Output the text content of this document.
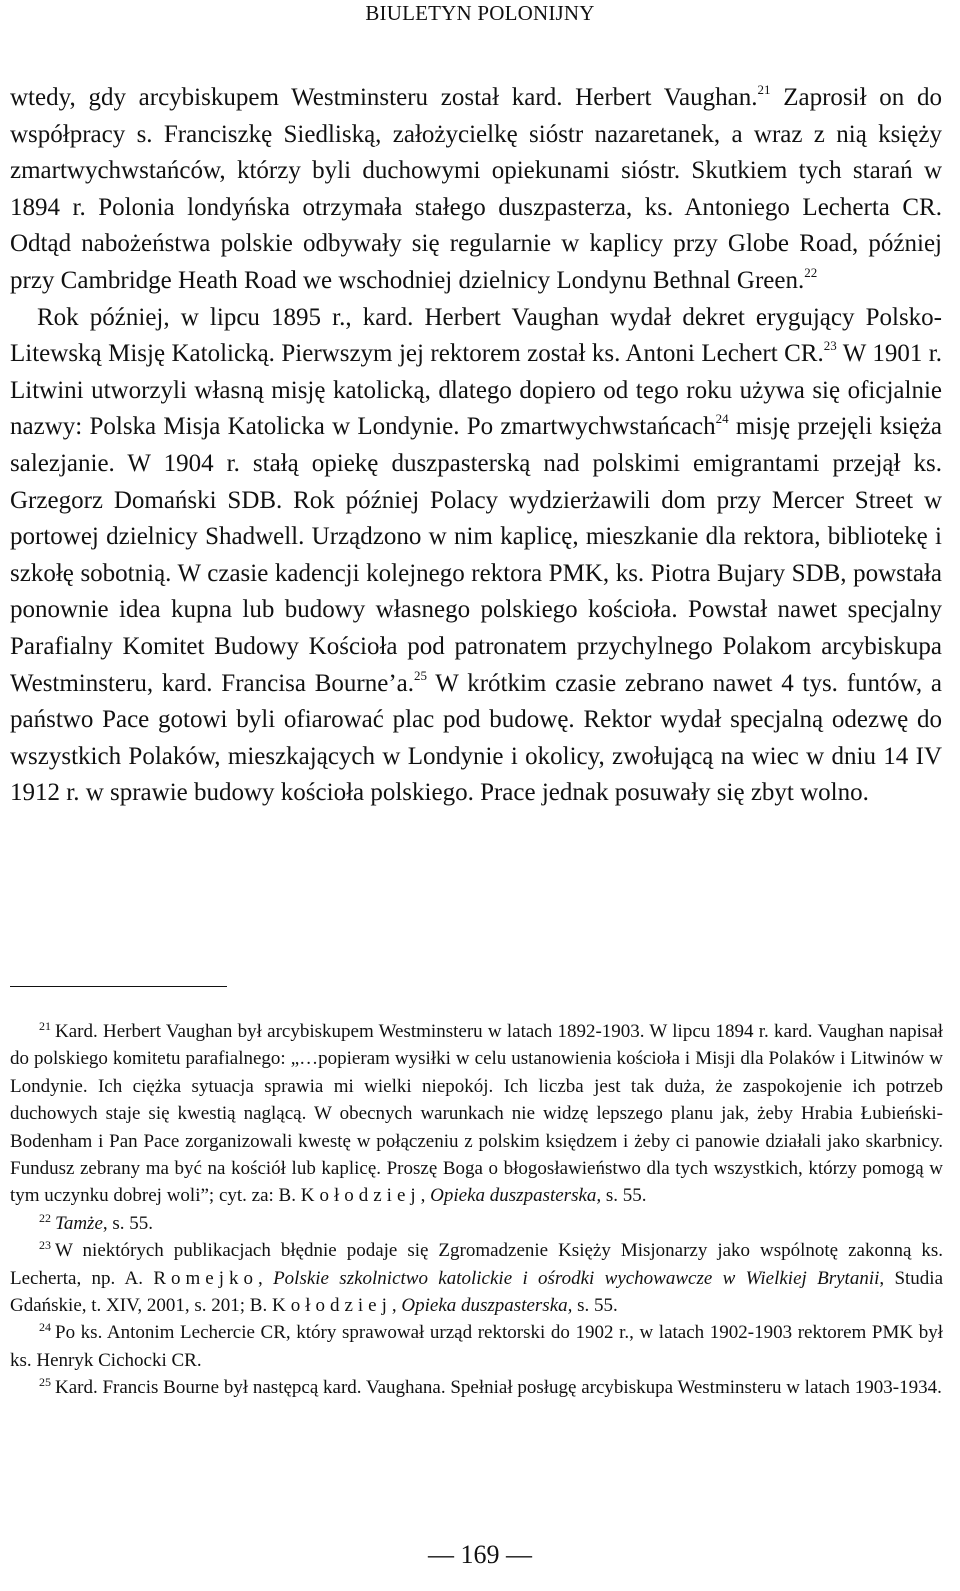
BIULETYN POLONIJNY

wtedy, gdy arcybiskupem Westminsteru został kard. Herbert Vaughan.$^{21}$ Zaprosił on do współpracy s. Franciszkę Siedliską, założycielkę sióstr nazaretanek, a wraz z nią księży zmartwychwstańców, którzy byli duchowymi opiekunami sióstr. Skutkiem tych starań w 1894 r. Polonia londyńska otrzymała stałego duszpasterza, ks. Antoniego Lecherta CR. Odtąd nabożeństwa polskie odbywały się regularnie w kaplicy przy Globe Road, później przy Cambridge Heath Road we wschodniej dzielnicy Londynu Bethnal Green.$^{22}$

Rok później, w lipcu 1895 r., kard. Herbert Vaughan wydał dekret erygujący Polsko-Litewską Misję Katolicką. Pierwszym jej rektorem został ks. Antoni Lechert CR.$^{23}$ W 1901 r. Litwini utworzyli własną misję katolicką, dlatego dopiero od tego roku używa się oficjalnie nazwy: Polska Misja Katolicka w Londynie. Po zmartwychwstańcach$^{24}$ misję przejęli księża salezjanie. W 1904 r. stałą opiekę duszpasterską nad polskimi emigrantami przejął ks. Grzegorz Domański SDB. Rok później Polacy wydzierżawili dom przy Mercer Street w portowej dzielnicy Shadwell. Urządzono w nim kaplicę, mieszkanie dla rektora, bibliotekę i szkołę sobotnią. W czasie kadencji kolejnego rektora PMK, ks. Piotra Bujary SDB, powstała ponownie idea kupna lub budowy własnego polskiego kościoła. Powstał nawet specjalny Parafialny Komitet Budowy Kościoła pod patronatem przychylnego Polakom arcybiskupa Westminsteru, kard. Francisa Bourne’a.$^{25}$ W krótkim czasie zebrano nawet 4 tys. funtów, a państwo Pace gotowi byli ofiarować plac pod budowę. Rektor wydał specjalną odezwę do wszystkich Polaków, mieszkających w Londynie i okolicy, zwołującą na wiec w dniu 14 IV 1912 r. w sprawie budowy kościoła polskiego. Prace jednak posuwały się zbyt wolno.

$^{21}$ Kard. Herbert Vaughan był arcybiskupem Westminsteru w latach 1892-1903. W lipcu 1894 r. kard. Vaughan napisał do polskiego komitetu parafialnego: „…popieram wysiłki w celu ustanowienia kościoła i Misji dla Polaków i Litwinów w Londynie. Ich ciężka sytuacja sprawia mi wielki niepokój. Ich liczba jest tak duża, że zaspokojenie ich potrzeb duchowych staje się kwestią naglącą. W obecnych warunkach nie widzę lepszego planu jak, żeby Hrabia Łubieński-Bodenham i Pan Pace zorganizowali kwestę w połączeniu z polskim księdzem i żeby ci panowie działali jako skarbnicy. Fundusz zebrany ma być na kościół lub kaplicę. Proszę Boga o błogosławieństwo dla tych wszystkich, którzy pomogą w tym uczynku dobrej woli”; cyt. za: B. Kołodziej, Opieka duszpasterska, s. 55.

$^{22}$ Tamże, s. 55.

$^{23}$ W niektórych publikacjach błędnie podaje się Zgromadzenie Księży Misjonarzy jako wspólnotę zakonną ks. Lecherta, np. A. Romejko, Polskie szkolnictwo katolickie i ośrodki wychowawcze w Wielkiej Brytanii, Studia Gdańskie, t. XIV, 2001, s. 201; B. Kołodziej, Opieka duszpasterska, s. 55.

$^{24}$ Po ks. Antonim Lechercie CR, który sprawował urząd rektorski do 1902 r., w latach 1902-1903 rektorem PMK był ks. Henryk Cichocki CR.

$^{25}$ Kard. Francis Bourne był następcą kard. Vaughana. Spełniał posługę arcybiskupa Westminsteru w latach 1903-1934.

— 169 —
